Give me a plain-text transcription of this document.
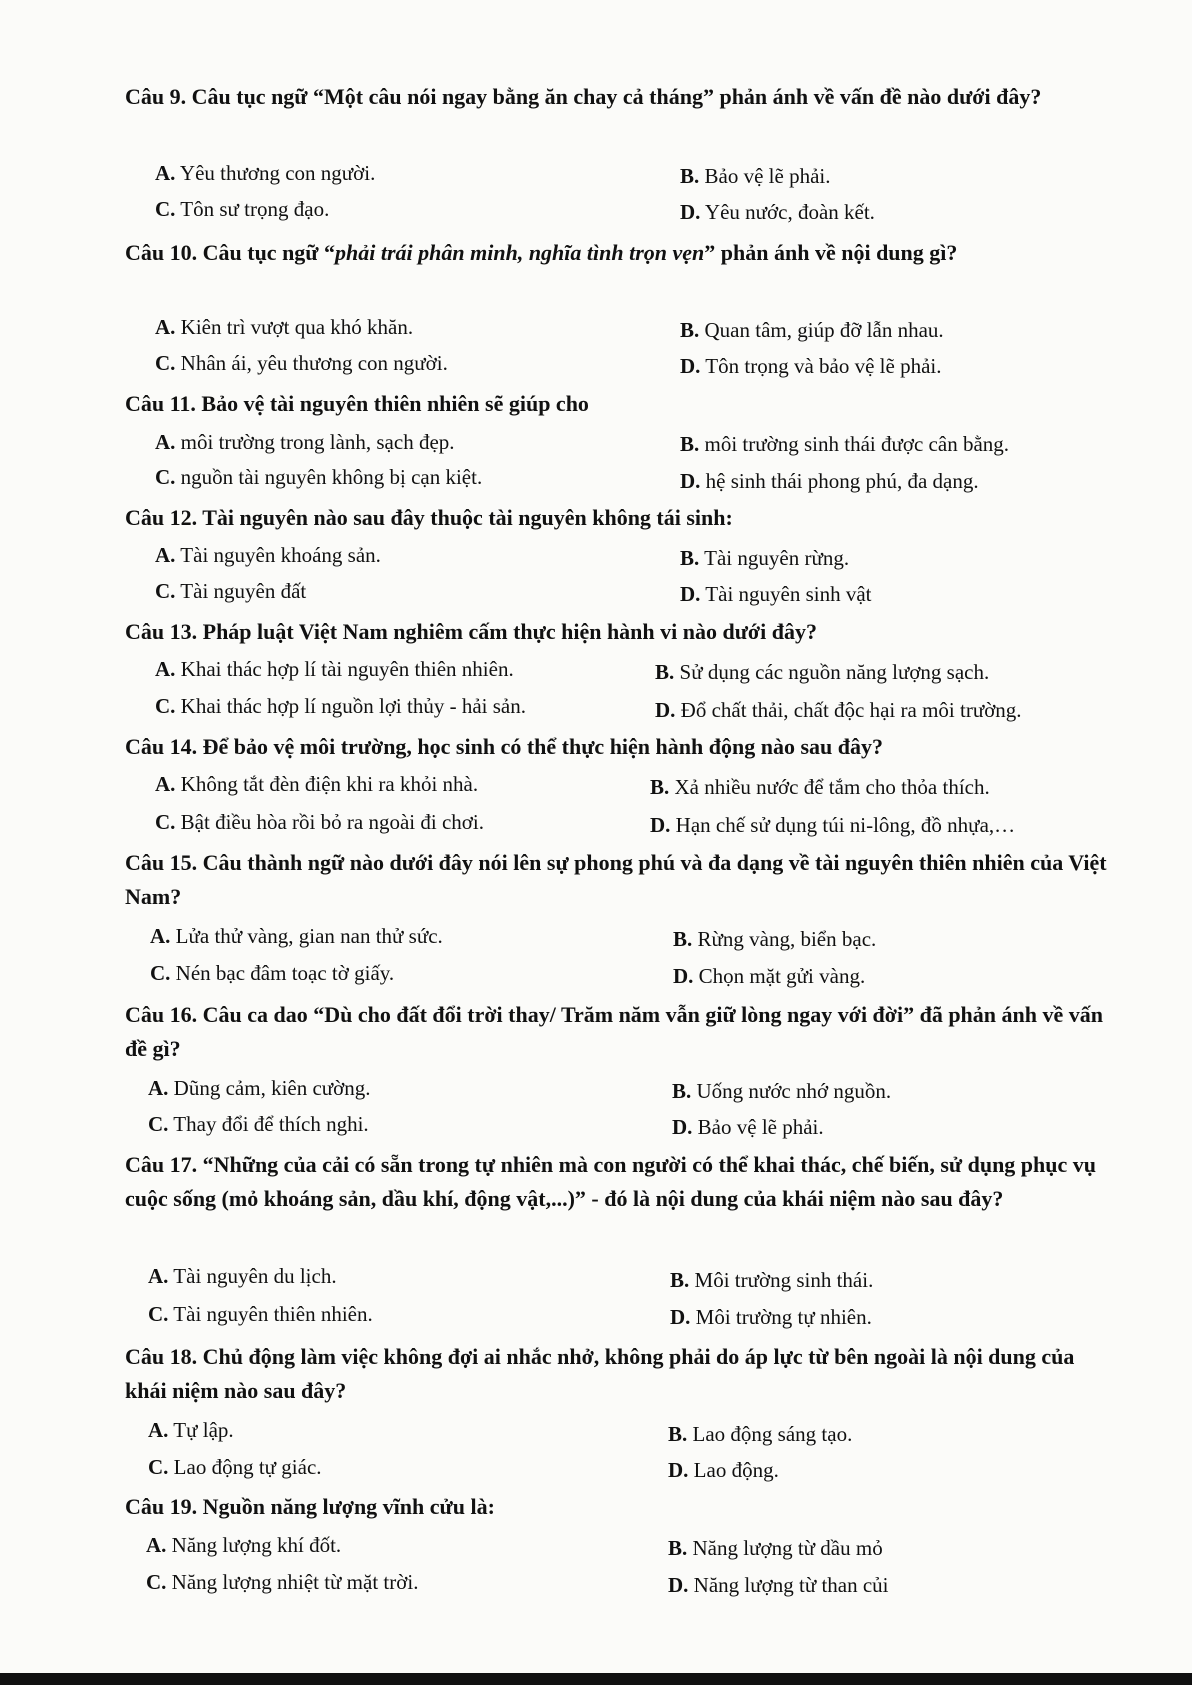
Câu 9. Câu tục ngữ “Một câu nói ngay bằng ăn chay cả tháng” phản ánh về vấn đề nào dưới đây?
A. Yêu thương con người.	B. Bảo vệ lẽ phải.
C. Tôn sư trọng đạo.	D. Yêu nước, đoàn kết.
Câu 10. Câu tục ngữ “phải trái phân minh, nghĩa tình trọn vẹn” phản ánh về nội dung gì?
A. Kiên trì vượt qua khó khăn.	B. Quan tâm, giúp đỡ lẫn nhau.
C. Nhân ái, yêu thương con người.	D. Tôn trọng và bảo vệ lẽ phải.
Câu 11. Bảo vệ tài nguyên thiên nhiên sẽ giúp cho
A. môi trường trong lành, sạch đẹp.	B. môi trường sinh thái được cân bằng.
C. nguồn tài nguyên không bị cạn kiệt.	D. hệ sinh thái phong phú, đa dạng.
Câu 12. Tài nguyên nào sau đây thuộc tài nguyên không tái sinh:
A. Tài nguyên khoáng sản.	B. Tài nguyên rừng.
C. Tài nguyên đất	D. Tài nguyên sinh vật
Câu 13. Pháp luật Việt Nam nghiêm cấm thực hiện hành vi nào dưới đây?
A. Khai thác hợp lí tài nguyên thiên nhiên.	B. Sử dụng các nguồn năng lượng sạch.
C. Khai thác hợp lí nguồn lợi thủy - hải sản.	D. Đổ chất thải, chất độc hại ra môi trường.
Câu 14. Để bảo vệ môi trường, học sinh có thể thực hiện hành động nào sau đây?
A. Không tắt đèn điện khi ra khỏi nhà.	B. Xả nhiều nước để tắm cho thỏa thích.
C. Bật điều hòa rồi bỏ ra ngoài đi chơi.	D. Hạn chế sử dụng túi ni-lông, đồ nhựa,…
Câu 15. Câu thành ngữ nào dưới đây nói lên sự phong phú và đa dạng về tài nguyên thiên nhiên của Việt Nam?
A. Lửa thử vàng, gian nan thử sức.	B. Rừng vàng, biển bạc.
C. Nén bạc đâm toạc tờ giấy.	D. Chọn mặt gửi vàng.
Câu 16. Câu ca dao “Dù cho đất đổi trời thay/ Trăm năm vẫn giữ lòng ngay với đời” đã phản ánh về vấn đề gì?
A. Dũng cảm, kiên cường.	B. Uống nước nhớ nguồn.
C. Thay đổi để thích nghi.	D. Bảo vệ lẽ phải.
Câu 17. “Những của cải có sẵn trong tự nhiên mà con người có thể khai thác, chế biến, sử dụng phục vụ cuộc sống (mỏ khoáng sản, dầu khí, động vật,...)” - đó là nội dung của khái niệm nào sau đây?
A. Tài nguyên du lịch.	B. Môi trường sinh thái.
C. Tài nguyên thiên nhiên.	D. Môi trường tự nhiên.
Câu 18. Chủ động làm việc không đợi ai nhắc nhở, không phải do áp lực từ bên ngoài là nội dung của khái niệm nào sau đây?
A. Tự lập.	B. Lao động sáng tạo.
C. Lao động tự giác.	D. Lao động.
Câu 19. Nguồn năng lượng vĩnh cửu là:
A. Năng lượng khí đốt.	B. Năng lượng từ dầu mỏ
C. Năng lượng nhiệt từ mặt trời.	D. Năng lượng từ than củi
